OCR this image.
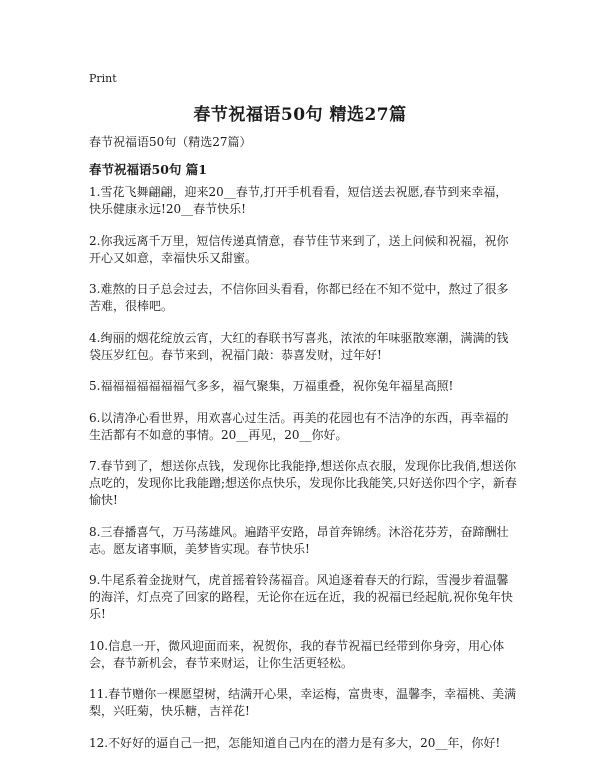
Print
春节祝福语50句 精选27篇
春节祝福语50句（精选27篇）
春节祝福语50句 篇1

1.雪花飞舞翩翩，迎来20__春节,打开手机看看，短信送去祝愿,春节到来幸福，快乐健康永远!20__春节快乐!

2.你我远离千万里，短信传递真情意，春节佳节来到了，送上问候和祝福，祝你开心又如意，幸福快乐又甜蜜。

3.难熬的日子总会过去，不信你回头看看，你都已经在不知不觉中，熬过了很多苦难，很棒吧。

4.绚丽的烟花绽放云宵，大红的春联书写喜兆，浓浓的年味驱散寒潮，满满的钱袋压岁红包。春节来到，祝福门敲：恭喜发财，过年好!

5.福福福福福福福气多多，福气聚集，万福重叠，祝你兔年福星高照!

6.以清净心看世界，用欢喜心过生活。再美的花园也有不洁净的东西，再幸福的生活都有不如意的事情。20__再见，20__你好。

7.春节到了，想送你点钱，发现你比我能挣,想送你点衣服，发现你比我俏,想送你点吃的，发现你比我能蹭;想送你点快乐，发现你比我能笑,只好送你四个字，新春愉快!

8.三春播喜气，万马荡雄风。遍踏平安路，昂首奔锦绣。沐浴花芬芳，奋蹄酬壮志。愿友诸事顺，美梦皆实现。春节快乐!

9.牛尾系着金拢财气，虎首摇着铃荡福音。风追逐着春天的行踪，雪漫步着温馨的海洋，灯点亮了回家的路程，无论你在远在近，我的祝福已经起航,祝你兔年快乐!

10.信息一开，微风迎面而来，祝贺你，我的春节祝福已经带到你身旁，用心体会，春节新机会，春节来财运，让你生活更轻松。

11.春节赠你一棵愿望树，结满开心果，幸运梅，富贵枣，温馨李，幸福桃、美满梨，兴旺菊，快乐糖，吉祥花!

12.不好好的逼自己一把，怎能知道自己内在的潜力是有多大，20__年，你好!
